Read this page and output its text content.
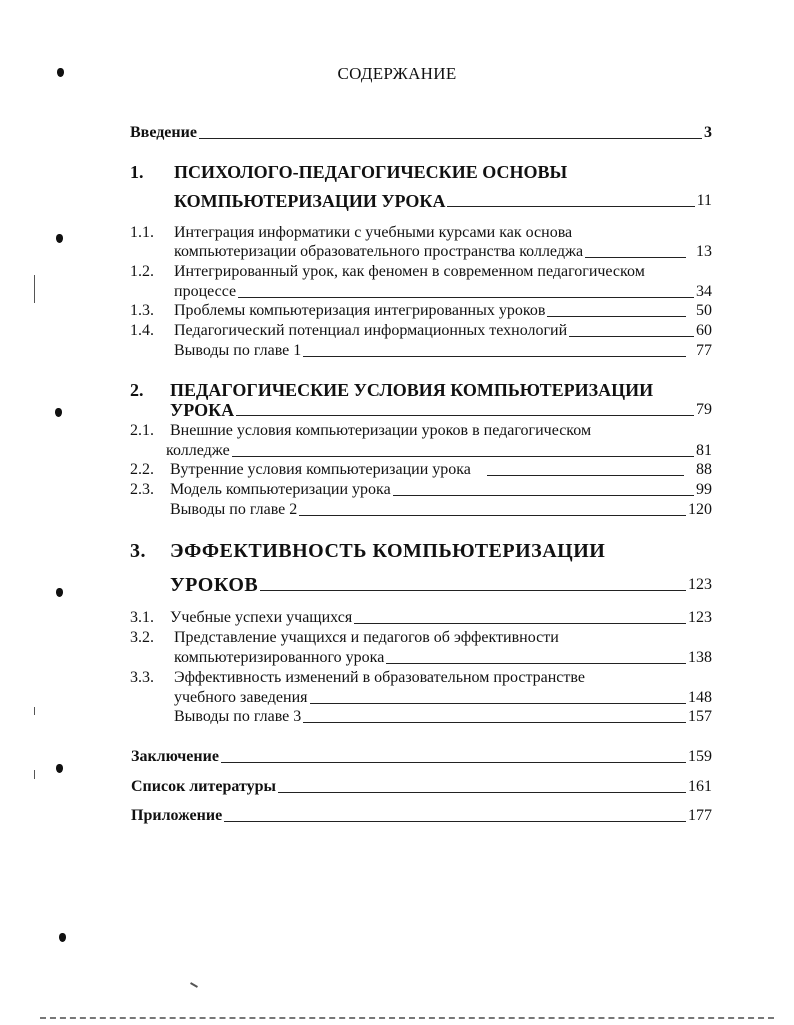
СОДЕРЖАНИЕ
Введение	3
1.	ПСИХОЛОГО-ПЕДАГОГИЧЕСКИЕ ОСНОВЫ
КОМПЬЮТЕРИЗАЦИИ УРОКА	11
1.1.	Интеграция информатики с учебными курсами как основа
компьютеризации образовательного пространства колледжа	13
1.2.	Интегрированный урок, как феномен в современном педагогическом
процессе	34
1.3.	Проблемы компьютеризация интегрированных уроков	50
1.4.	Педагогический потенциал информационных технологий	60
Выводы по главе 1	77
2.	ПЕДАГОГИЧЕСКИЕ УСЛОВИЯ КОМПЬЮТЕРИЗАЦИИ
УРОКА	79
2.1.	Внешние условия компьютеризации уроков в педагогическом
колледже	81
2.2.	Вутренние условия компьютеризации урока	88
2.3.	Модель компьютеризации урока	99
Выводы по главе 2	120
3.	ЭФФЕКТИВНОСТЬ КОМПЬЮТЕРИЗАЦИИ
УРОКОВ	123
3.1.	Учебные успехи учащихся	123
3.2.	Представление учащихся и педагогов об эффективности
компьютеризированного урока	138
3.3.	Эффективность изменений в образовательном пространстве
учебного заведения	148
Выводы по главе 3	157
Заключение	159
Список литературы	161
Приложение	177
